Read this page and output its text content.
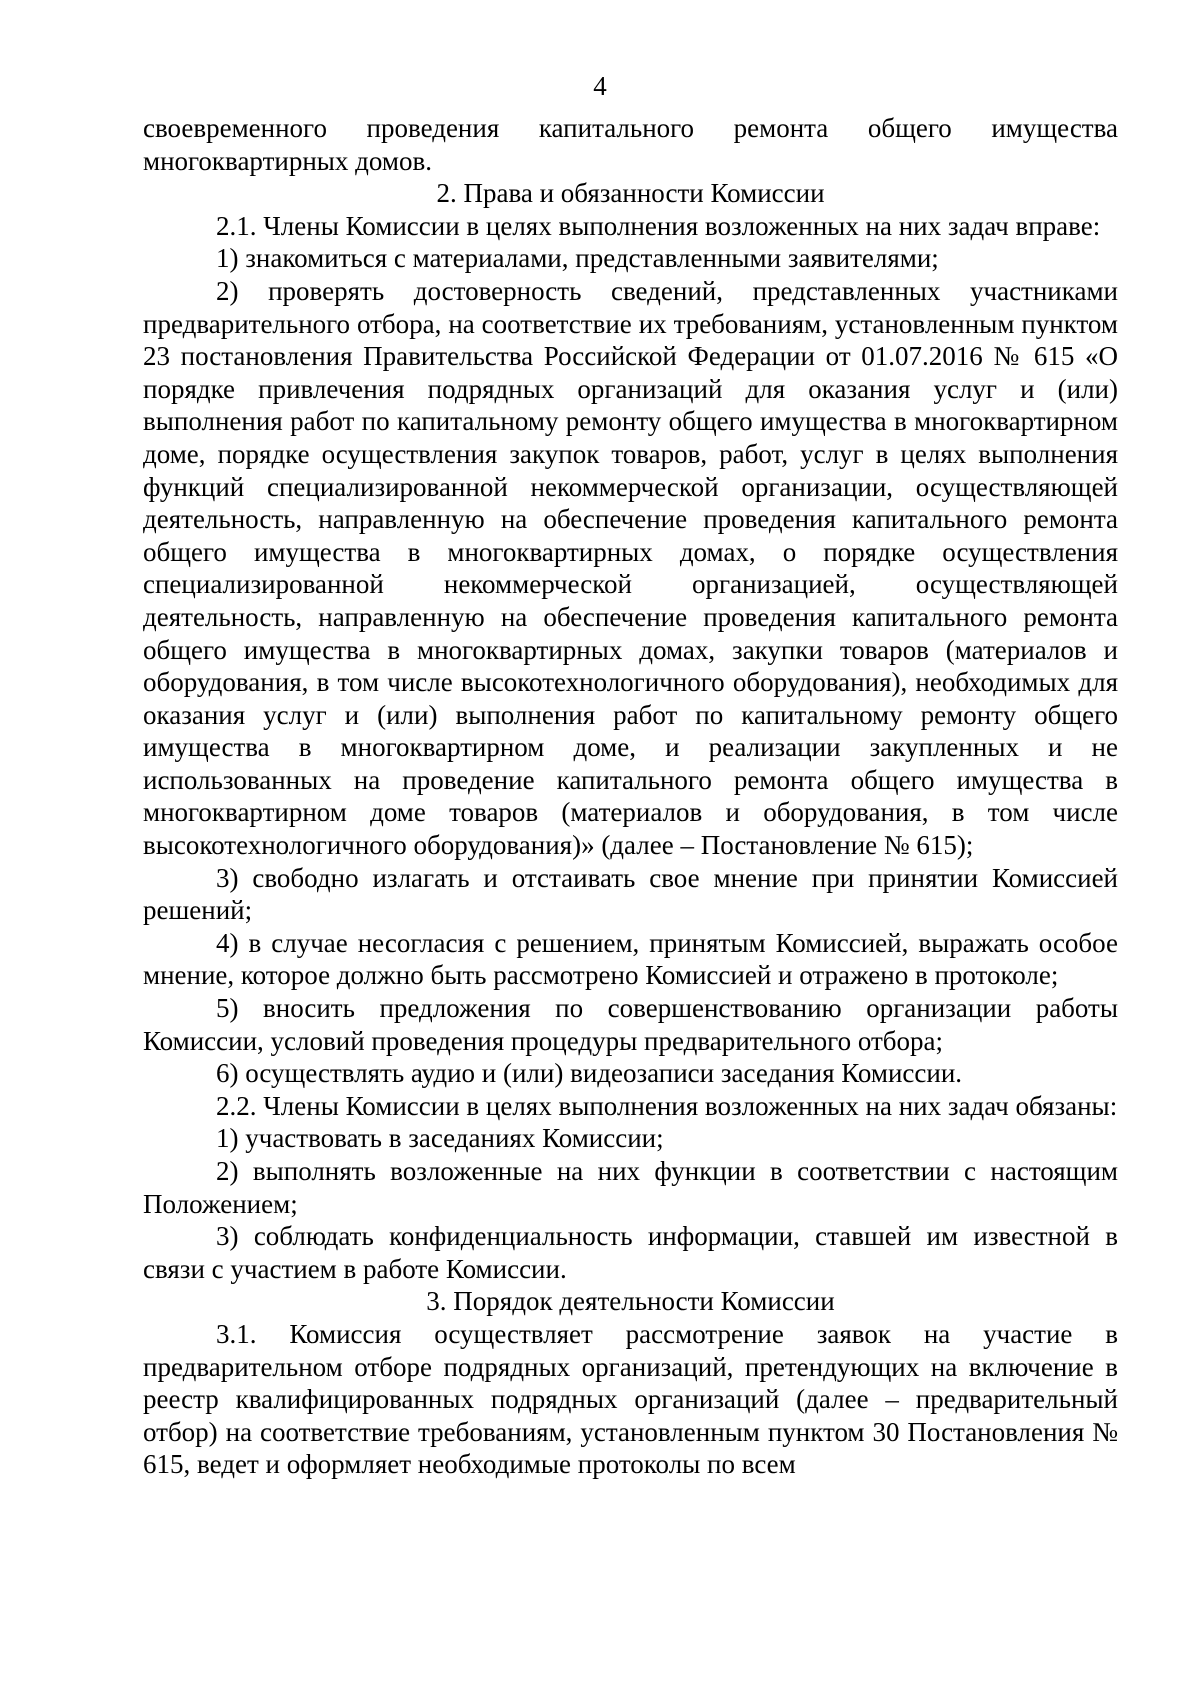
4

своевременного проведения капитального ремонта общего имущества многоквартирных домов.

2. Права и обязанности Комиссии

2.1. Члены Комиссии в целях выполнения возложенных на них задач вправе:

1) знакомиться с материалами, представленными заявителями;

2) проверять достоверность сведений, представленных участниками предварительного отбора, на соответствие их требованиям, установленным пунктом 23 постановления Правительства Российской Федерации от 01.07.2016 № 615 «О порядке привлечения подрядных организаций для оказания услуг и (или) выполнения работ по капитальному ремонту общего имущества в многоквартирном доме, порядке осуществления закупок товаров, работ, услуг в целях выполнения функций специализированной некоммерческой организации, осуществляющей деятельность, направленную на обеспечение проведения капитального ремонта общего имущества в многоквартирных домах, о порядке осуществления специализированной некоммерческой организацией, осуществляющей деятельность, направленную на обеспечение проведения капитального ремонта общего имущества в многоквартирных домах, закупки товаров (материалов и оборудования, в том числе высокотехнологичного оборудования), необходимых для оказания услуг и (или) выполнения работ по капитальному ремонту общего имущества в многоквартирном доме, и реализации закупленных и не использованных на проведение капитального ремонта общего имущества в многоквартирном доме товаров (материалов и оборудования, в том числе высокотехнологичного оборудования)» (далее – Постановление № 615);

3) свободно излагать и отстаивать свое мнение при принятии Комиссией решений;

4) в случае несогласия с решением, принятым Комиссией, выражать особое мнение, которое должно быть рассмотрено Комиссией и отражено в протоколе;

5) вносить предложения по совершенствованию организации работы Комиссии, условий проведения процедуры предварительного отбора;

6) осуществлять аудио и (или) видеозаписи заседания Комиссии.

2.2. Члены Комиссии в целях выполнения возложенных на них задач обязаны:

1) участвовать в заседаниях Комиссии;

2) выполнять возложенные на них функции в соответствии с настоящим Положением;

3) соблюдать конфиденциальность информации, ставшей им известной в связи с участием в работе Комиссии.

3. Порядок деятельности Комиссии

3.1. Комиссия осуществляет рассмотрение заявок на участие в предварительном отборе подрядных организаций, претендующих на включение в реестр квалифицированных подрядных организаций (далее – предварительный отбор) на соответствие требованиям, установленным пунктом 30 Постановления № 615, ведет и оформляет необходимые протоколы по всем
